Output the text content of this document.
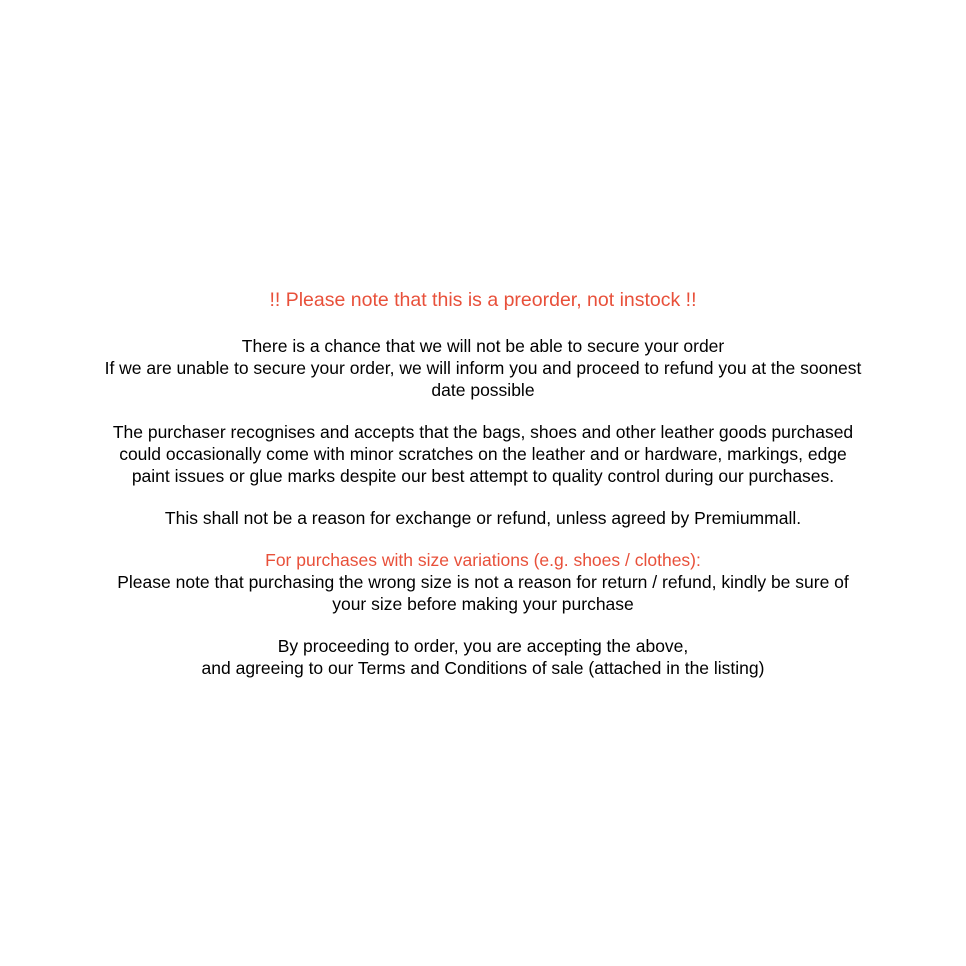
!! Please note that this is a preorder, not instock !!

There is a chance that we will not be able to secure your order

If we are unable to secure your order, we will inform you and proceed to refund you at the soonest date possible

The purchaser recognises and accepts that the bags, shoes and other leather goods purchased could occasionally come with minor scratches on the leather and or hardware, markings, edge paint issues or glue marks despite our best attempt to quality control during our purchases.

This shall not be a reason for exchange or refund, unless agreed by Premiummall.

For purchases with size variations (e.g. shoes / clothes):

Please note that purchasing the wrong size is not a reason for return / refund, kindly be sure of your size before making your purchase

By proceeding to order, you are accepting the above,

and agreeing to our Terms and Conditions of sale (attached in the listing)
